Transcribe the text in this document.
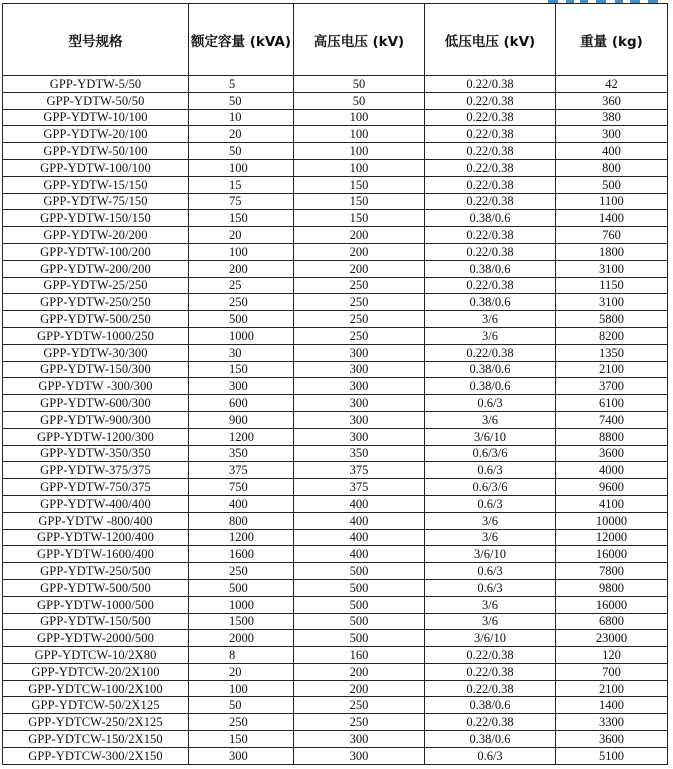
型号规格	额定容量 (kVA)	高压电压 (kV)	低压电压 (kV)	重量 (kg)
GPP-YDTW-5/50	5	50	0.22/0.38	42
GPP-YDTW-50/50	50	50	0.22/0.38	360
GPP-YDTW-10/100	10	100	0.22/0.38	380
GPP-YDTW-20/100	20	100	0.22/0.38	300
GPP-YDTW-50/100	50	100	0.22/0.38	400
GPP-YDTW-100/100	100	100	0.22/0.38	800
GPP-YDTW-15/150	15	150	0.22/0.38	500
GPP-YDTW-75/150	75	150	0.22/0.38	1100
GPP-YDTW-150/150	150	150	0.38/0.6	1400
GPP-YDTW-20/200	20	200	0.22/0.38	760
GPP-YDTW-100/200	100	200	0.22/0.38	1800
GPP-YDTW-200/200	200	200	0.38/0.6	3100
GPP-YDTW-25/250	25	250	0.22/0.38	1150
GPP-YDTW-250/250	250	250	0.38/0.6	3100
GPP-YDTW-500/250	500	250	3/6	5800
GPP-YDTW-1000/250	1000	250	3/6	8200
GPP-YDTW-30/300	30	300	0.22/0.38	1350
GPP-YDTW-150/300	150	300	0.38/0.6	2100
GPP-YDTW -300/300	300	300	0.38/0.6	3700
GPP-YDTW-600/300	600	300	0.6/3	6100
GPP-YDTW-900/300	900	300	3/6	7400
GPP-YDTW-1200/300	1200	300	3/6/10	8800
GPP-YDTW-350/350	350	350	0.6/3/6	3600
GPP-YDTW-375/375	375	375	0.6/3	4000
GPP-YDTW-750/375	750	375	0.6/3/6	9600
GPP-YDTW-400/400	400	400	0.6/3	4100
GPP-YDTW -800/400	800	400	3/6	10000
GPP-YDTW-1200/400	1200	400	3/6	12000
GPP-YDTW-1600/400	1600	400	3/6/10	16000
GPP-YDTW-250/500	250	500	0.6/3	7800
GPP-YDTW-500/500	500	500	0.6/3	9800
GPP-YDTW-1000/500	1000	500	3/6	16000
GPP-YDTW-150/500	1500	500	3/6	6800
GPP-YDTW-2000/500	2000	500	3/6/10	23000
GPP-YDTCW-10/2X80	8	160	0.22/0.38	120
GPP-YDTCW-20/2X100	20	200	0.22/0.38	700
GPP-YDTCW-100/2X100	100	200	0.22/0.38	2100
GPP-YDTCW-50/2X125	50	250	0.38/0.6	1400
GPP-YDTCW-250/2X125	250	250	0.22/0.38	3300
GPP-YDTCW-150/2X150	150	300	0.38/0.6	3600
GPP-YDTCW-300/2X150	300	300	0.6/3	5100
